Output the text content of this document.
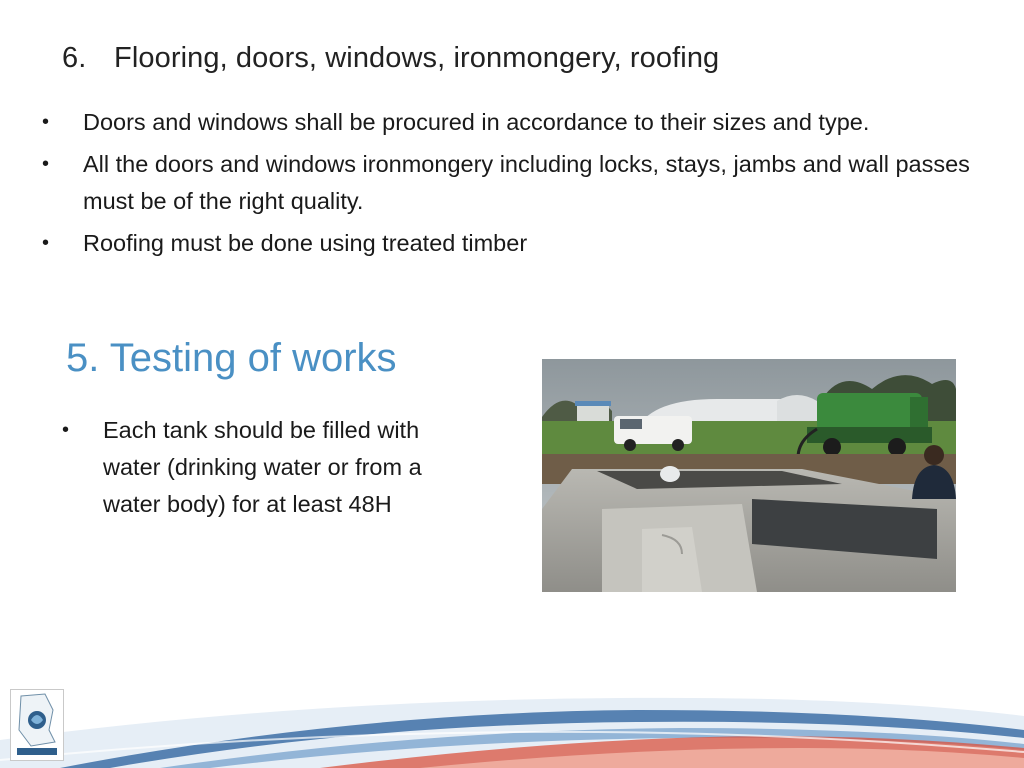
6. Flooring, doors, windows, ironmongery, roofing
• Doors and windows shall be procured in accordance to their sizes and type.
• All the doors and windows ironmongery including locks, stays, jambs and wall passes must be of the right quality.
• Roofing must be done using treated timber
5. Testing of works
• Each tank should be filled with water (drinking water or from a water body) for at least 48H
